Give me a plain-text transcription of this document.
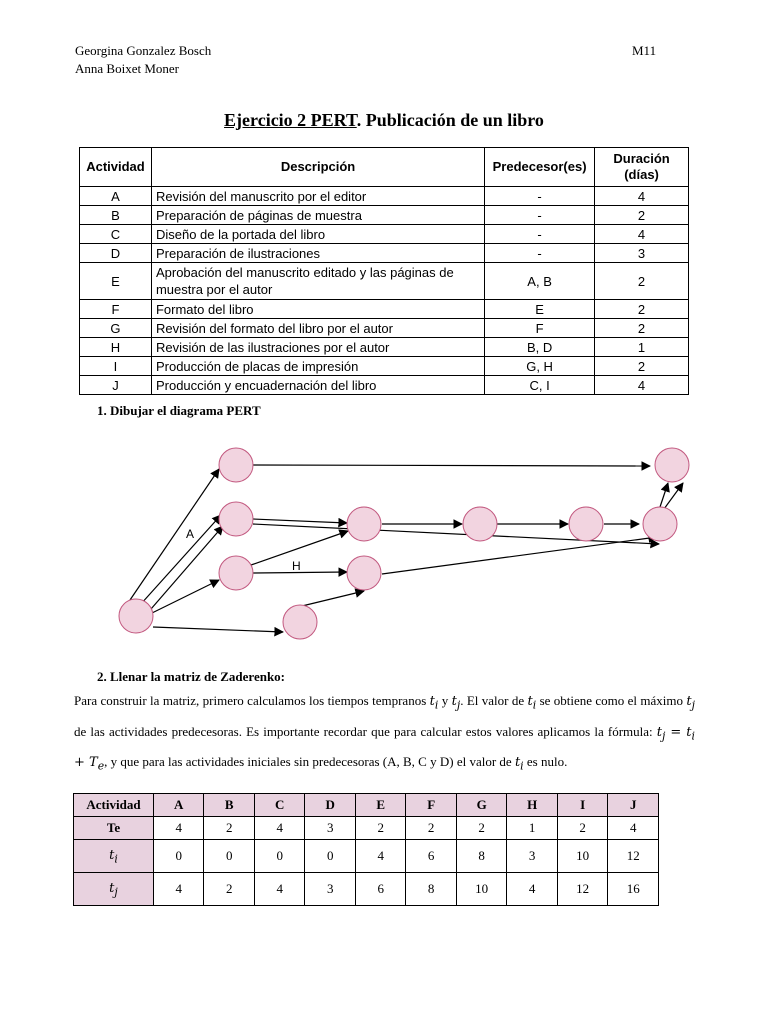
Georgina Gonzalez Bosch
Anna Boixet Moner
M11
Ejercicio 2 PERT. Publicación de un libro
Actividad	Descripción	Predecesor(es)	Duración (días)
A	Revisión del manuscrito por el editor	-	4
B	Preparación de páginas de muestra	-	2
C	Diseño de la portada del libro	-	4
D	Preparación de ilustraciones	-	3
E	Aprobación del manuscrito editado y las páginas de muestra por el autor	A, B	2
F	Formato del libro	E	2
G	Revisión del formato del libro por el autor	F	2
H	Revisión de las ilustraciones por el autor	B, D	1
I	Producción de placas de impresión	G, H	2
J	Producción y encuadernación del libro	C, I	4
1. Dibujar el diagrama PERT
A
H
2. Llenar la matriz de Zaderenko:
Para construir la matriz, primero calculamos los tiempos tempranos $t_i$ y $t_j$. El valor de $t_i$ se obtiene como el máximo $t_j$ de las actividades predecesoras. Es importante recordar que para calcular estos valores aplicamos la fórmula: $t_j = t_i + T_e$, y que para las actividades iniciales sin predecesoras (A, B, C y D) el valor de $t_i$ es nulo.
Actividad	A	B	C	D	E	F	G	H	I	J
Te	4	2	4	3	2	2	2	1	2	4
$t_i$	0	0	0	0	4	6	8	3	10	12
$t_j$	4	2	4	3	6	8	10	4	12	16
